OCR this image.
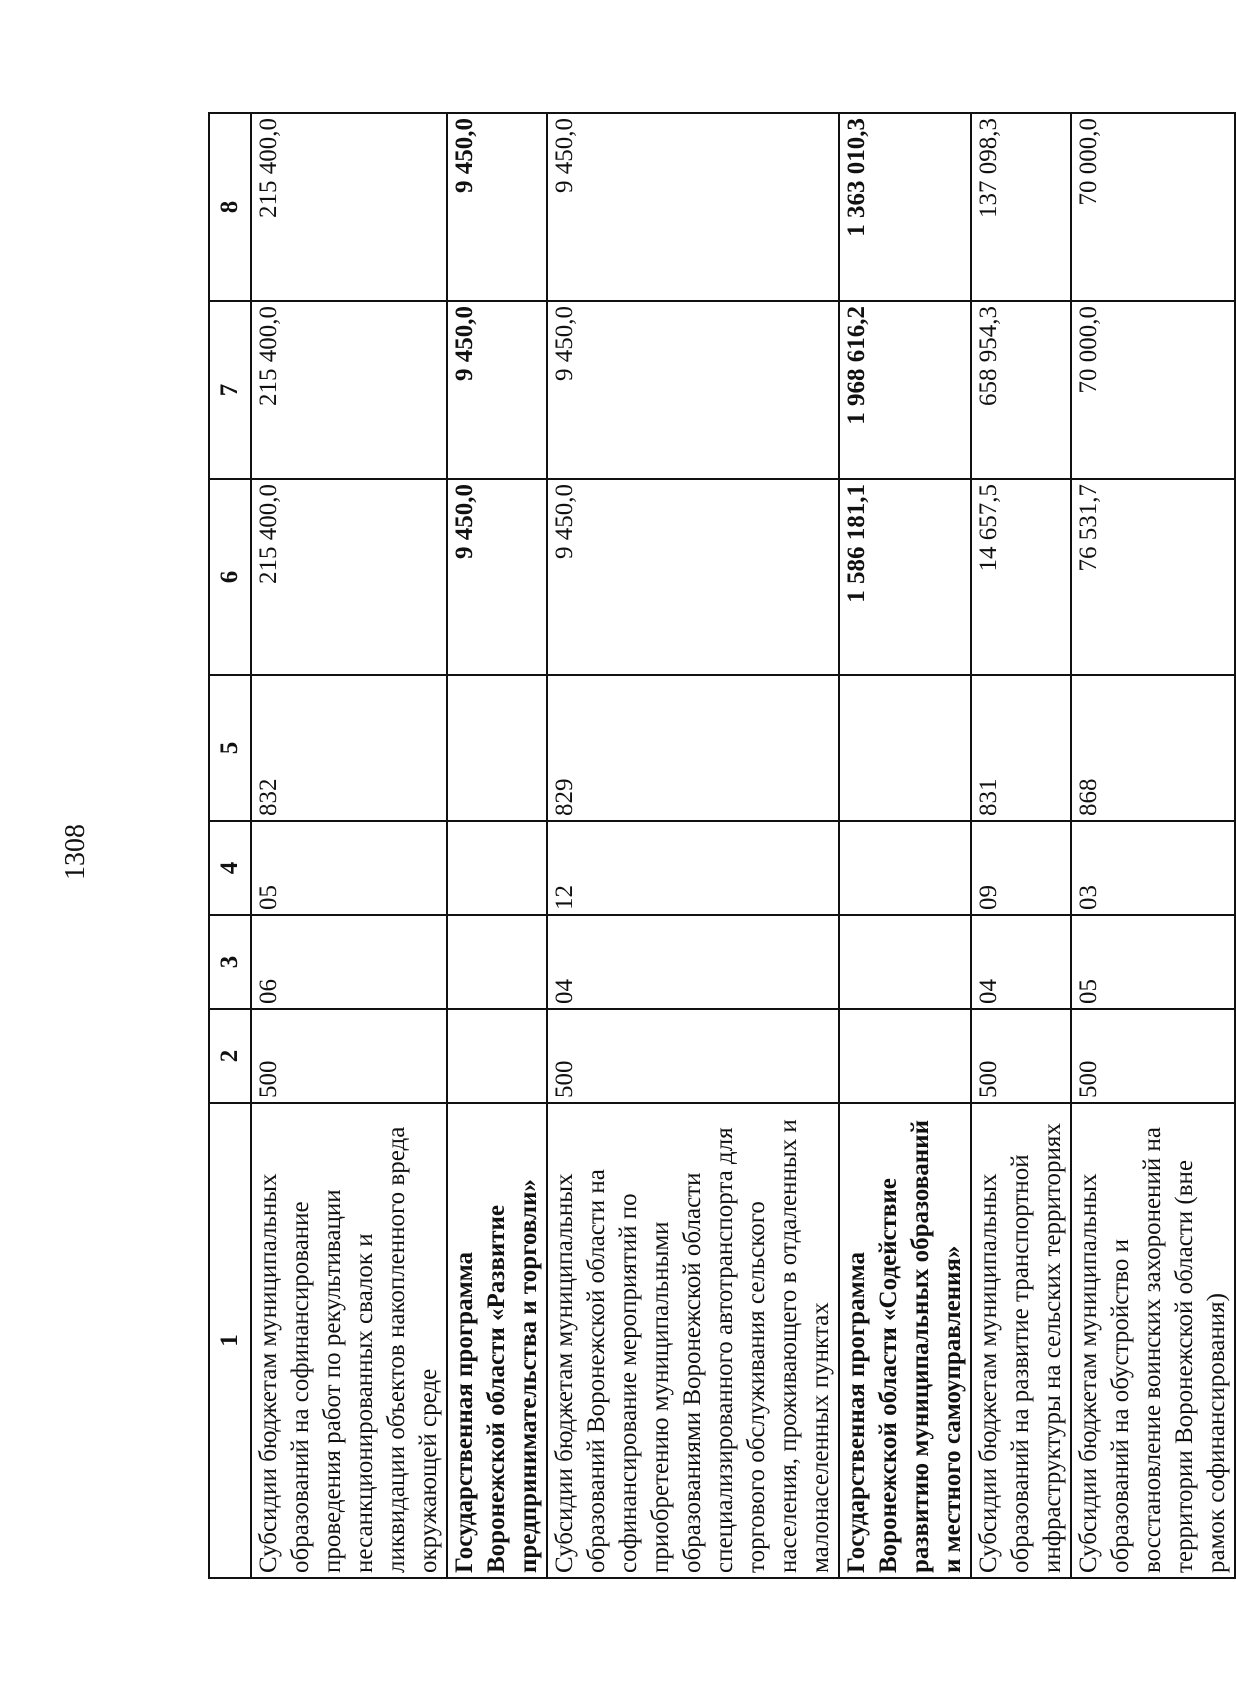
1308
1	2	3	4	5	6	7	8
Субсидии бюджетам муниципальных образований на софинансирование проведения работ по рекультивации несанкционированных свалок и ликвидации объектов накопленного вреда окружающей среде	500	06	05	832	215 400,0	215 400,0	215 400,0
Государственная программа Воронежской области «Развитие предпринимательства и торговли»					9 450,0	9 450,0	9 450,0
Субсидии бюджетам муниципальных образований Воронежской области на софинансирование мероприятий по приобретению муниципальными образованиями Воронежской области специализированного автотранспорта для торгового обслуживания сельского населения, проживающего в отдаленных и малонаселенных пунктах	500	04	12	829	9 450,0	9 450,0	9 450,0
Государственная программа Воронежской области «Содействие развитию муниципальных образований и местного самоуправления»					1 586 181,1	1 968 616,2	1 363 010,3
Субсидии бюджетам муниципальных образований на развитие транспортной инфраструктуры на сельских территориях	500	04	09	831	14 657,5	658 954,3	137 098,3
Субсидии бюджетам муниципальных образований на обустройство и восстановление воинских захоронений на территории Воронежской области (вне рамок софинансирования)	500	05	03	868	76 531,7	70 000,0	70 000,0
